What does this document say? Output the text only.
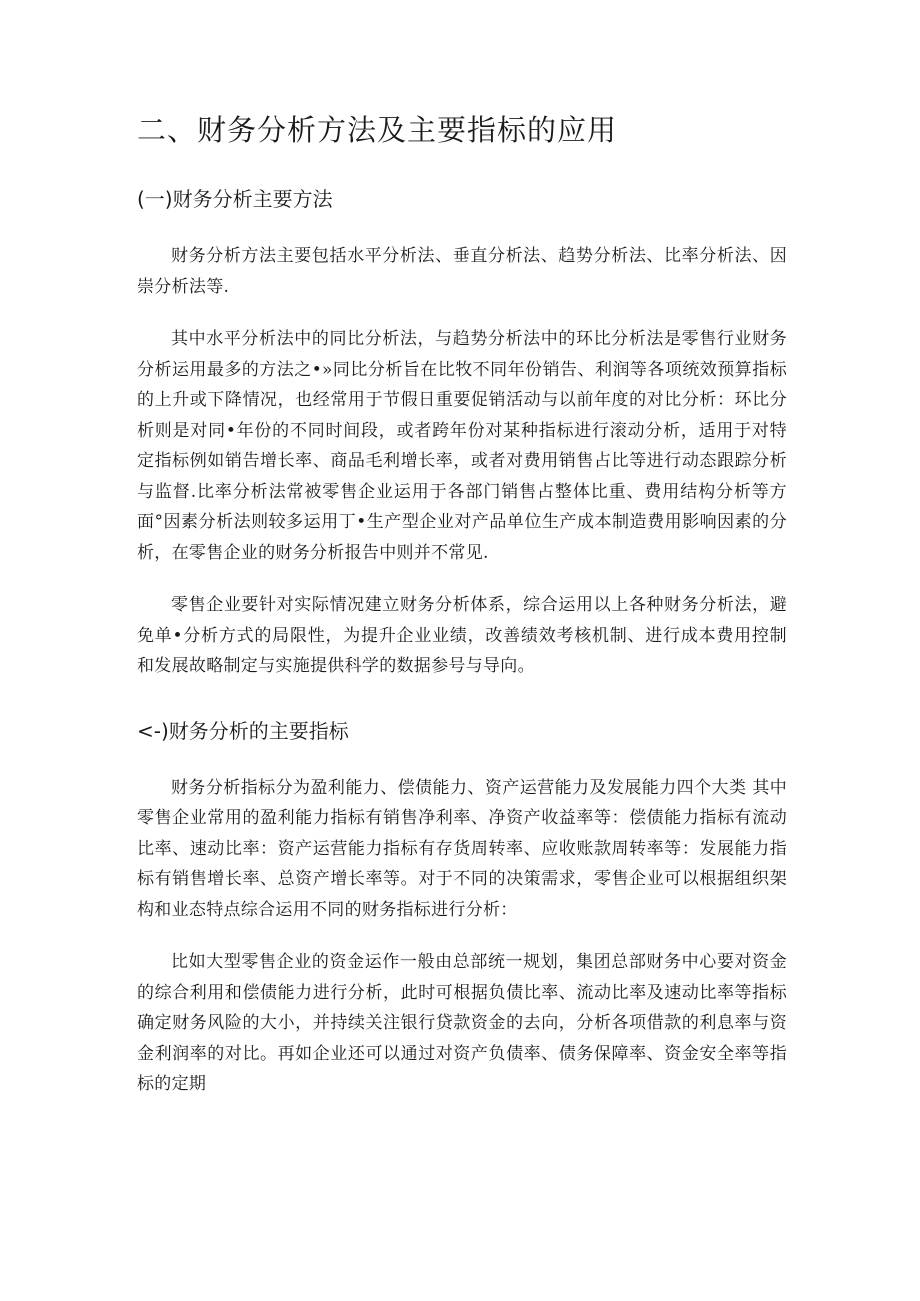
二、财务分析方法及主要指标的应用
(一)财务分析主要方法

财务分析方法主要包括水平分析法、垂直分析法、趋势分析法、比率分析法、因崇分析法等.

其中水平分析法中的同比分析法，与趋势分析法中的环比分析法是零售行业财务分析运用最多的方法之•»同比分析旨在比牧不同年份销告、利润等各项统效预算指标的上升或下降情况，也经常用于节假日重要促销活动与以前年度的对比分析：环比分析则是对同•年份的不同时间段，或者跨年份对某种指标进行滚动分析，适用于对特定指标例如销告增长率、商品毛利增长率，或者对费用销售占比等进行动态跟踪分析与监督.比率分析法常被零售企业运用于各部门销售占整体比重、费用结构分析等方面°因素分析法则较多运用丁•生产型企业对产品单位生产成本制造费用影响因素的分析，在零售企业的财务分析报告中则并不常见.

零售企业要针对实际情况建立财务分析体系，综合运用以上各种财务分析法，避免单•分析方式的局限性，为提升企业业绩，改善绩效考核机制、进行成本费用控制和发展故略制定与实施提供科学的数据参号与导向。

<-)财务分析的主要指标

财务分析指标分为盈利能力、偿债能力、资产运营能力及发展能力四个大类 其中零售企业常用的盈利能力指标有销售净利率、净资产收益率等：偿债能力指标有流动比率、速动比率：资产运营能力指标有存货周转率、应收账款周转率等：发展能力指标有销售增长率、总资产增长率等。对于不同的决策需求，零售企业可以根据组织架构和业态特点综合运用不同的财务指标进行分析：

比如大型零售企业的资金运作一般由总部统一规划，集团总部财务中心要对资金的综合利用和偿债能力进行分析，此时可根据负债比率、流动比率及速动比率等指标确定财务风险的大小，并持续关注银行贷款资金的去向，分析各项借款的利息率与资金利润率的对比。再如企业还可以通过对资产负债率、债务保障率、资金安全率等指标的定期
